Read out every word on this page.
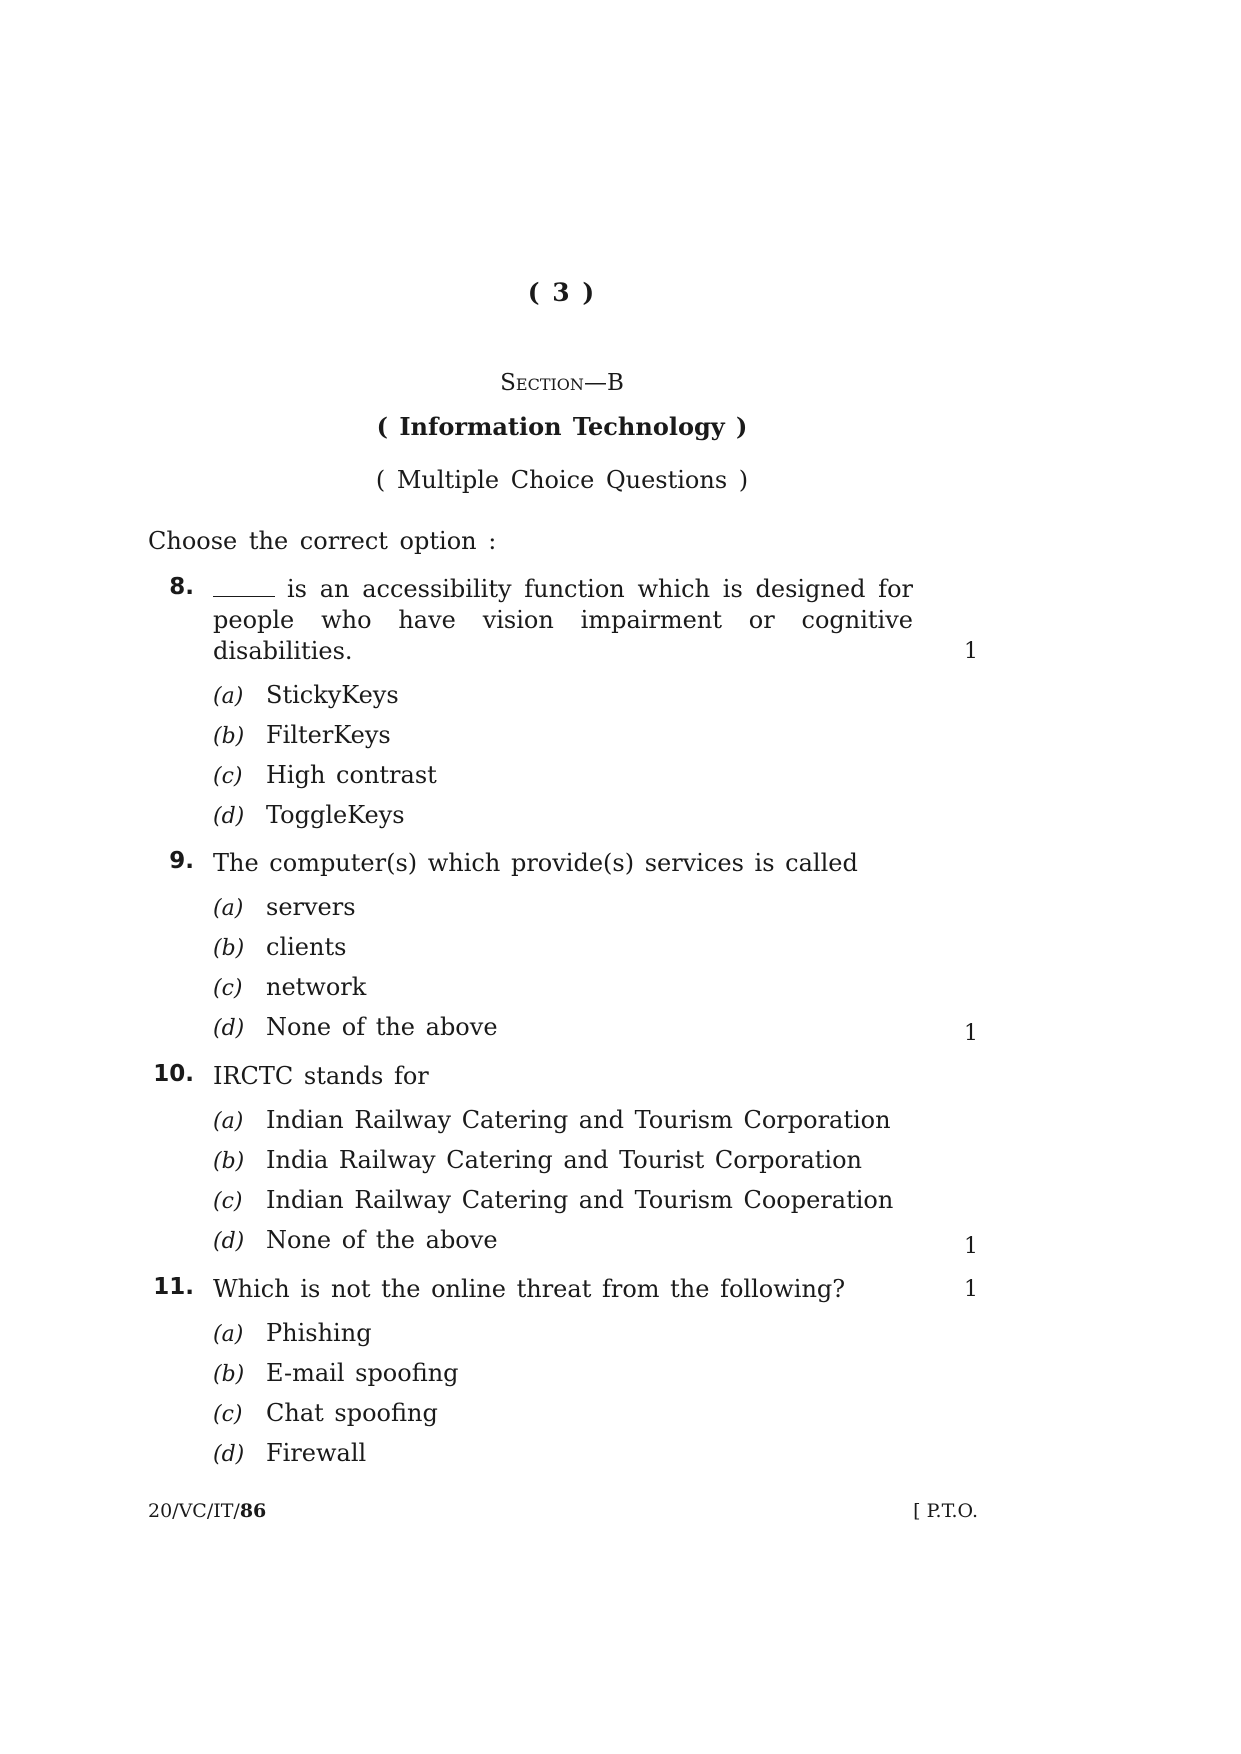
( 3 )
Section—B
( Information Technology )
( Multiple Choice Questions )
Choose the correct option :
8.	is an accessibility function which is designed for people who have vision impairment or cognitive disabilities.	1
(a) StickyKeys
(b) FilterKeys
(c) High contrast
(d) ToggleKeys
9. The computer(s) which provide(s) services is called
1
(a) servers
(b) clients
(c) network
(d) None of the above
10. IRCTC stands for
1
(a) Indian Railway Catering and Tourism Corporation
(b) India Railway Catering and Tourist Corporation
(c) Indian Railway Catering and Tourism Cooperation
(d) None of the above
11. Which is not the online threat from the following?	1
(a) Phishing
(b) E-mail spoofing
(c) Chat spoofing
(d) Firewall
20/VC/IT/86	[ P.T.O.
